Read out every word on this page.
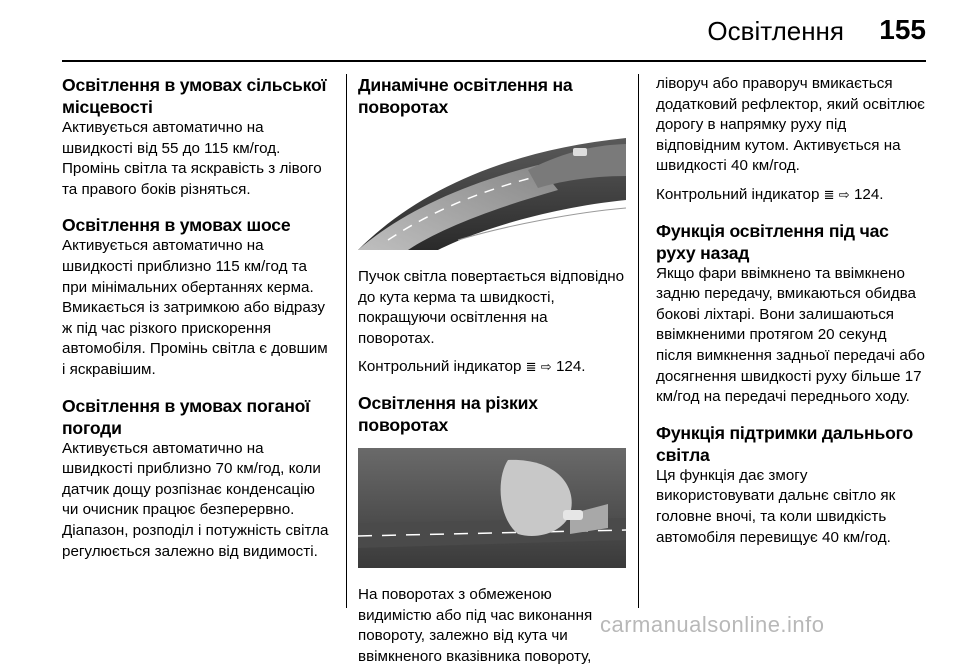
Освітлення 155
Освітлення в умовах сільської місцевості

Активується автоматично на швидкості від 55 до 115 км/год. Промінь світла та яскравість з лівого та правого боків різняться.

Освітлення в умовах шосе

Активується автоматично на швидкості приблизно 115 км/год та при мінімальних обертаннях керма. Вмикається із затримкою або відразу ж під час різкого прискорення автомобіля. Промінь світла є довшим і яскравішим.

Освітлення в умовах поганої погоди

Активується автоматично на швидкості приблизно 70 км/год, коли датчик дощу розпізнає конденсацію чи очисник працює безперервно. Діапазон, розподіл і потужність світла регулюється залежно від видимості.

Динамічне освітлення на поворотах

Пучок світла повертається відповідно до кута керма та швидкості, покращуючи освітлення на поворотах.

Контрольний індикатор ≣ ⇨ 124.

Освітлення на різких поворотах

На поворотах з обмеженою видимістю або під час виконання повороту, залежно від кута чи ввімкненого вказівника повороту,

ліворуч або праворуч вмикається додатковий рефлектор, який освітлює дорогу в напрямку руху під відповідним кутом. Активується на швидкості 40 км/год.

Контрольний індикатор ≣ ⇨ 124.

Функція освітлення під час руху назад

Якщо фари ввімкнено та ввімкнено задню передачу, вмикаються обидва бокові ліхтарі. Вони залишаються ввімкненими протягом 20 секунд після вимкнення задньої передачі або досягнення швидкості руху більше 17 км/год на передачі переднього ходу.

Функція підтримки дальнього світла

Ця функція дає змогу використовувати дальнє світло як головне вночі, та коли швидкість автомобіля перевищує 40 км/год.

carmanualsonline.info
